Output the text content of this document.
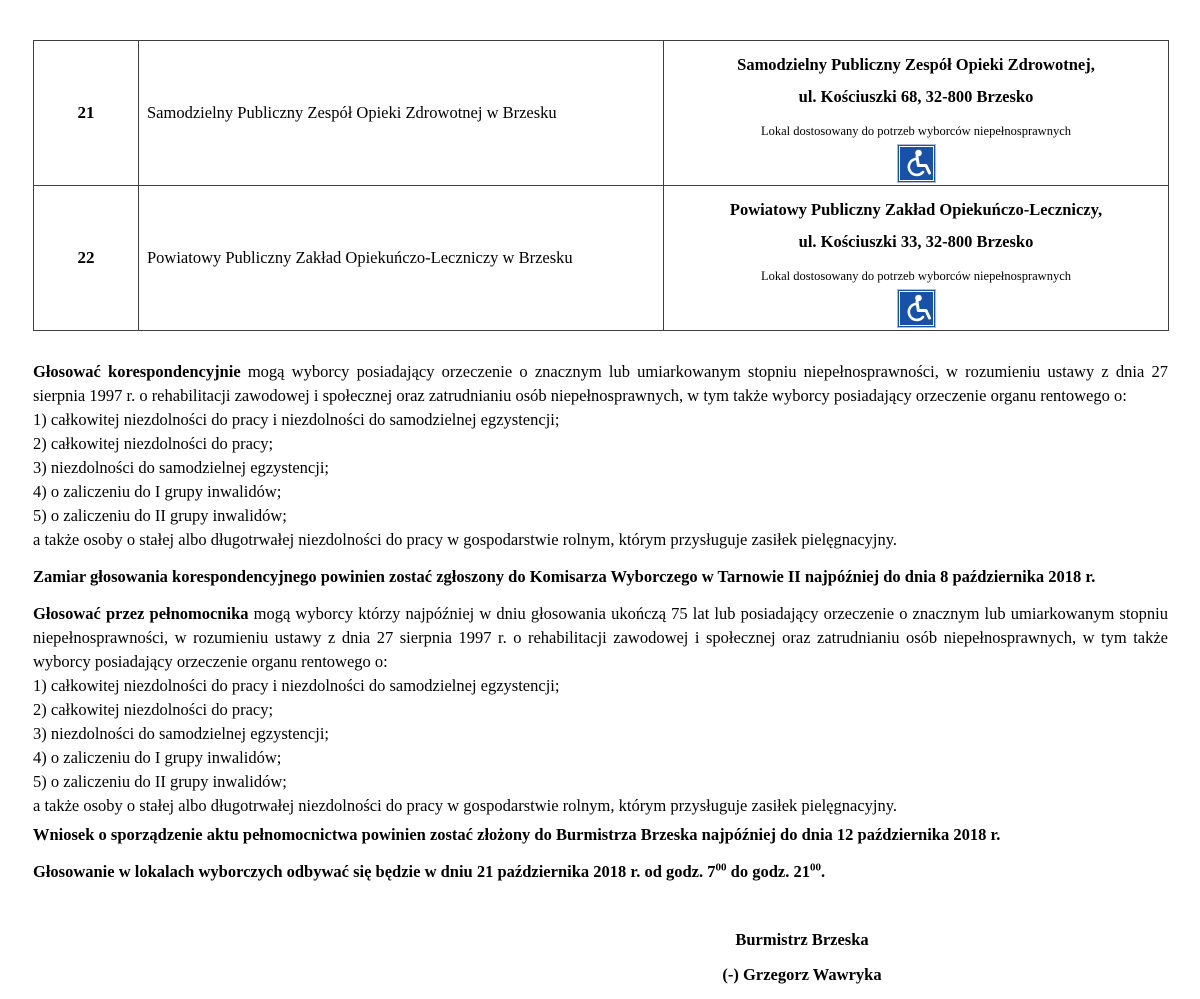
21	Samodzielny Publiczny Zespół Opieki Zdrowotnej w Brzesku	Samodzielny Publiczny Zespół Opieki Zdrowotnej,
ul. Kościuszki 68, 32-800 Brzesko
Lokal dostosowany do potrzeb wyborców niepełnosprawnych

22	Powiatowy Publiczny Zakład Opiekuńczo-Leczniczy w Brzesku	Powiatowy Publiczny Zakład Opiekuńczo-Leczniczy,
ul. Kościuszki 33, 32-800 Brzesko
Lokal dostosowany do potrzeb wyborców niepełnosprawnych

Głosować korespondencyjnie mogą wyborcy posiadający orzeczenie o znacznym lub umiarkowanym stopniu niepełnosprawności, w rozumieniu ustawy z dnia 27 sierpnia 1997 r. o rehabilitacji zawodowej i społecznej oraz zatrudnianiu osób niepełnosprawnych, w tym także wyborcy posiadający orzeczenie organu rentowego o:

1) całkowitej niezdolności do pracy i niezdolności do samodzielnej egzystencji;
2) całkowitej niezdolności do pracy;
3) niezdolności do samodzielnej egzystencji;
4) o zaliczeniu do I grupy inwalidów;
5) o zaliczeniu do II grupy inwalidów;
a także osoby o stałej albo długotrwałej niezdolności do pracy w gospodarstwie rolnym, którym przysługuje zasiłek pielęgnacyjny.
Zamiar głosowania korespondencyjnego powinien zostać zgłoszony do Komisarza Wyborczego w Tarnowie II najpóźniej do dnia 8 października 2018 r.

Głosować przez pełnomocnika mogą wyborcy którzy najpóźniej w dniu głosowania ukończą 75 lat lub posiadający orzeczenie o znacznym lub umiarkowanym stopniu niepełnosprawności, w rozumieniu ustawy z dnia 27 sierpnia 1997 r. o rehabilitacji zawodowej i społecznej oraz zatrudnianiu osób niepełnosprawnych, w tym także wyborcy posiadający orzeczenie organu rentowego o:

1) całkowitej niezdolności do pracy i niezdolności do samodzielnej egzystencji;
2) całkowitej niezdolności do pracy;
3) niezdolności do samodzielnej egzystencji;
4) o zaliczeniu do I grupy inwalidów;
5) o zaliczeniu do II grupy inwalidów;
a także osoby o stałej albo długotrwałej niezdolności do pracy w gospodarstwie rolnym, którym przysługuje zasiłek pielęgnacyjny.
Wniosek o sporządzenie aktu pełnomocnictwa powinien zostać złożony do Burmistrza Brzeska najpóźniej do dnia 12 października 2018 r.
Głosowanie w lokalach wyborczych odbywać się będzie w dniu 21 października 2018 r. od godz. $7^{00}$ do godz. $21^{00}$.
Burmistrz Brzeska
(-) Grzegorz Wawryka
